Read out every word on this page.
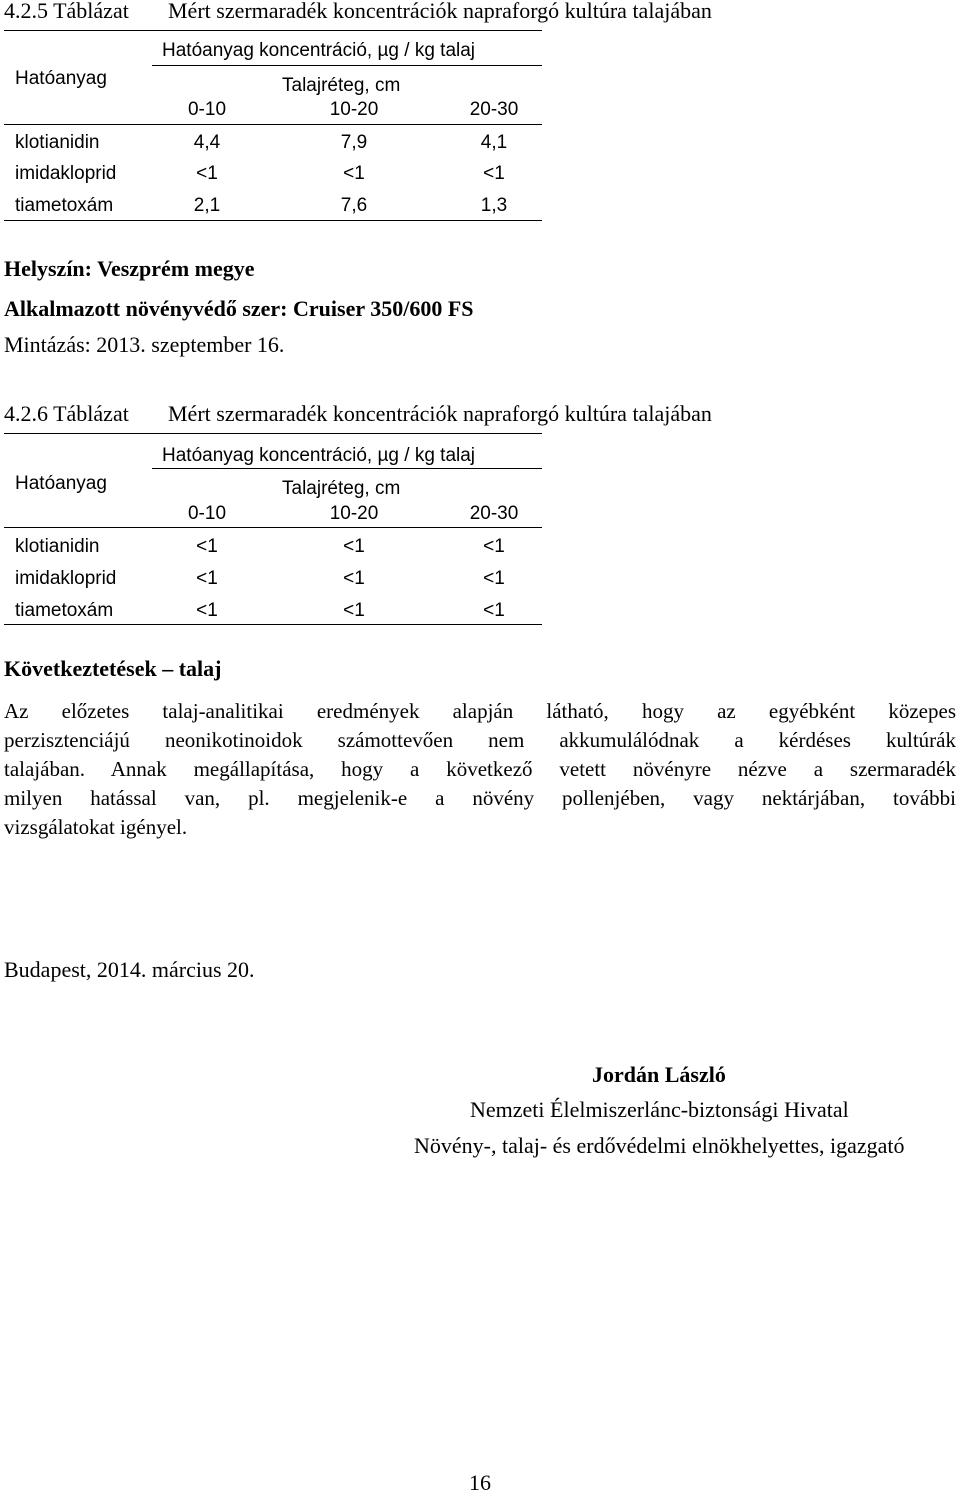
4.2.5 Táblázat Mért szermaradék koncentrációk napraforgó kultúra talajában
Hatóanyag koncentráció, µg / kg talaj
Hatóanyag	Talajréteg, cm
0-10	10-20	20-30
klotianidin	4,4	7,9	4,1
imidakloprid	<1	<1	<1
tiametoxám	2,1	7,6	1,3
Helyszín: Veszprém megye
Alkalmazott növényvédő szer: Cruiser 350/600 FS
Mintázás: 2013. szeptember 16.
4.2.6 Táblázat Mért szermaradék koncentrációk napraforgó kultúra talajában
Hatóanyag koncentráció, µg / kg talaj
Hatóanyag	Talajréteg, cm
0-10	10-20	20-30
klotianidin	<1	<1	<1
imidakloprid	<1	<1	<1
tiametoxám	<1	<1	<1
Következtetések – talaj
Az előzetes talaj-analitikai eredmények alapján látható, hogy az egyébként közepes
perzisztenciájú neonikotinoidok számottevően nem akkumulálódnak a kérdéses kultúrák
talajában. Annak megállapítása, hogy a következő vetett növényre nézve a szermaradék
milyen hatással van, pl. megjelenik-e a növény pollenjében, vagy nektárjában, további
vizsgálatokat igényel.
Budapest, 2014. március 20.
Jordán László
Nemzeti Élelmiszerlánc-biztonsági Hivatal
Növény-, talaj- és erdővédelmi elnökhelyettes, igazgató
16
